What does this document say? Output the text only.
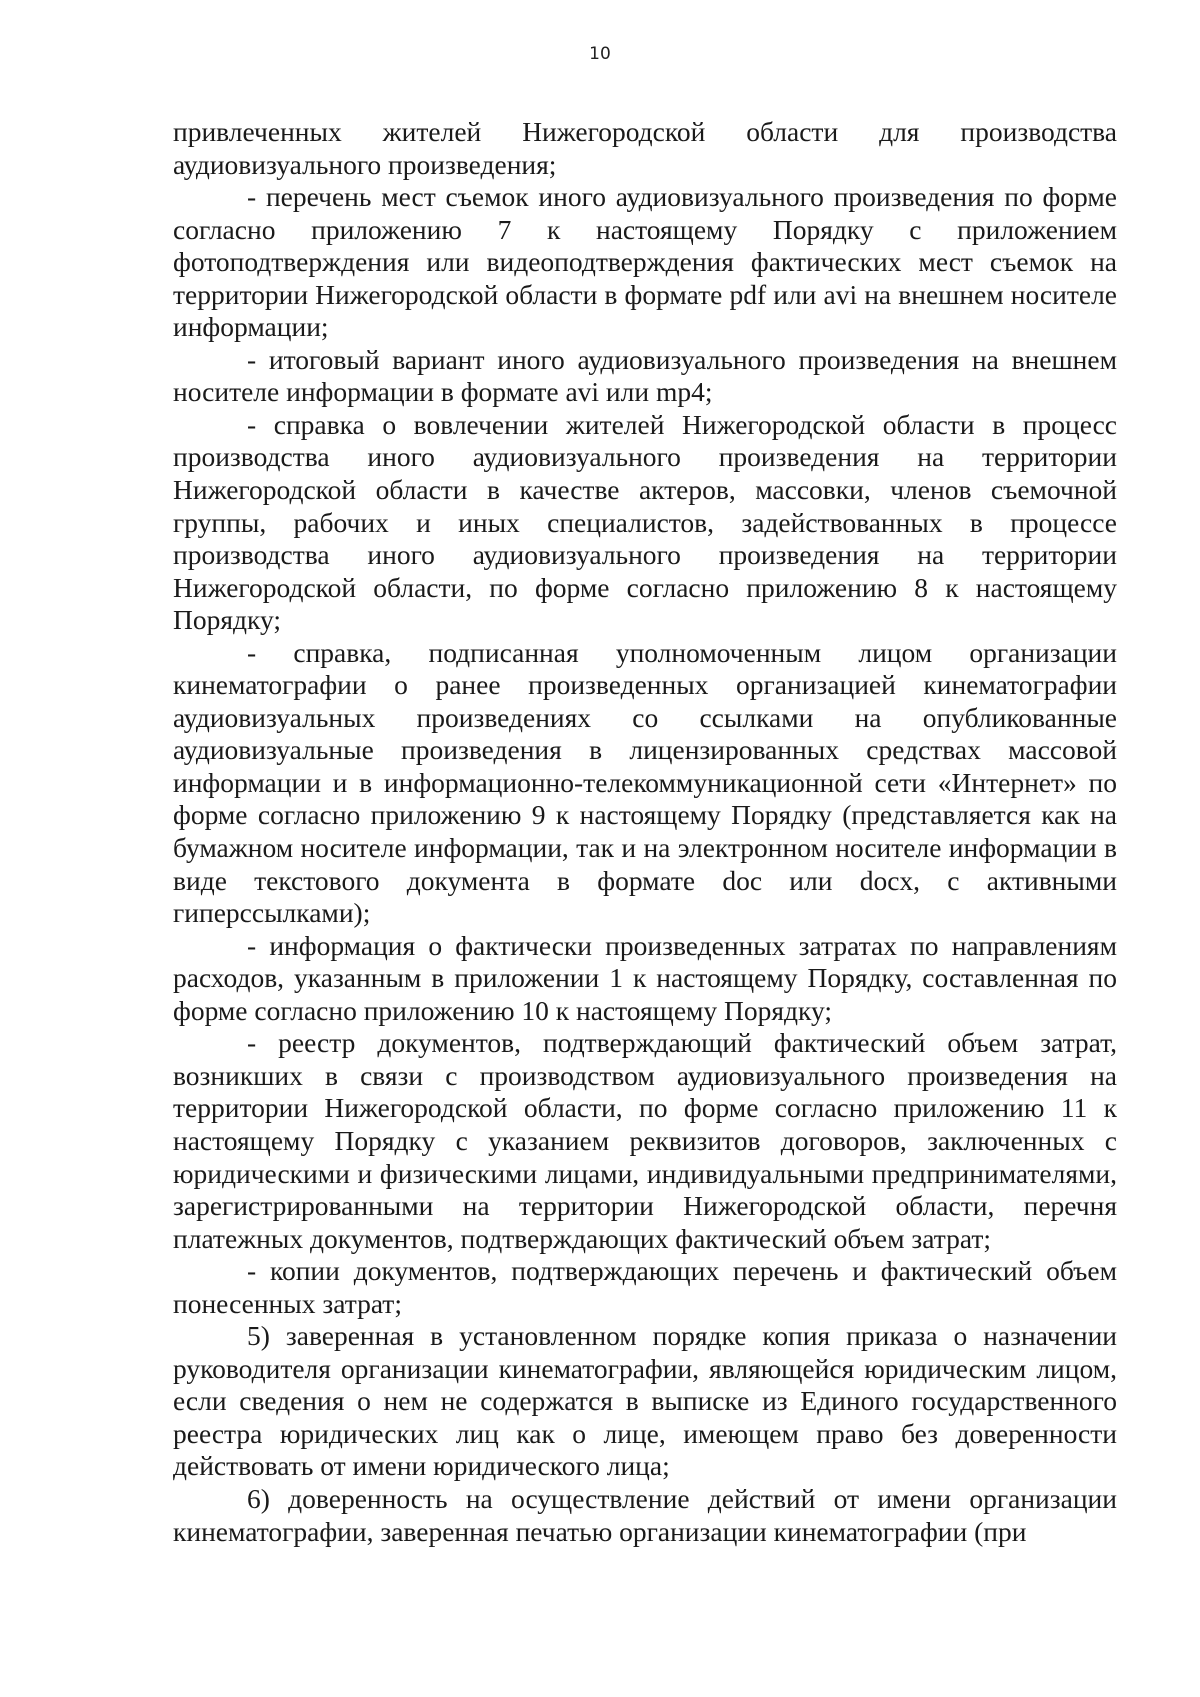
10

привлеченных жителей Нижегородской области для производства аудиовизуального произведения;

- перечень мест съемок иного аудиовизуального произведения по форме согласно приложению 7 к настоящему Порядку с приложением фотоподтверждения или видеоподтверждения фактических мест съемок на территории Нижегородской области в формате pdf или avi на внешнем носителе информации;

- итоговый вариант иного аудиовизуального произведения на внешнем носителе информации в формате avi или mp4;

- справка о вовлечении жителей Нижегородской области в процесс производства иного аудиовизуального произведения на территории Нижегородской области в качестве актеров, массовки, членов съемочной группы, рабочих и иных специалистов, задействованных в процессе производства иного аудиовизуального произведения на территории Нижегородской области, по форме согласно приложению 8 к настоящему Порядку;

- справка, подписанная уполномоченным лицом организации кинематографии о ранее произведенных организацией кинематографии аудиовизуальных произведениях со ссылками на опубликованные аудиовизуальные произведения в лицензированных средствах массовой информации и в информационно-телекоммуникационной сети «Интернет» по форме согласно приложению 9 к настоящему Порядку (представляется как на бумажном носителе информации, так и на электронном носителе информации в виде текстового документа в формате doc или docx, с активными гиперссылками);

- информация о фактически произведенных затратах по направлениям расходов, указанным в приложении 1 к настоящему Порядку, составленная по форме согласно приложению 10 к настоящему Порядку;

- реестр документов, подтверждающий фактический объем затрат, возникших в связи с производством аудиовизуального произведения на территории Нижегородской области, по форме согласно приложению 11 к настоящему Порядку с указанием реквизитов договоров, заключенных с юридическими и физическими лицами, индивидуальными предпринимателями, зарегистрированными на территории Нижегородской области, перечня платежных документов, подтверждающих фактический объем затрат;

- копии документов, подтверждающих перечень и фактический объем понесенных затрат;

5) заверенная в установленном порядке копия приказа о назначении руководителя организации кинематографии, являющейся юридическим лицом, если сведения о нем не содержатся в выписке из Единого государственного реестра юридических лиц как о лице, имеющем право без доверенности действовать от имени юридического лица;

6) доверенность на осуществление действий от имени организации кинематографии, заверенная печатью организации кинематографии (при
